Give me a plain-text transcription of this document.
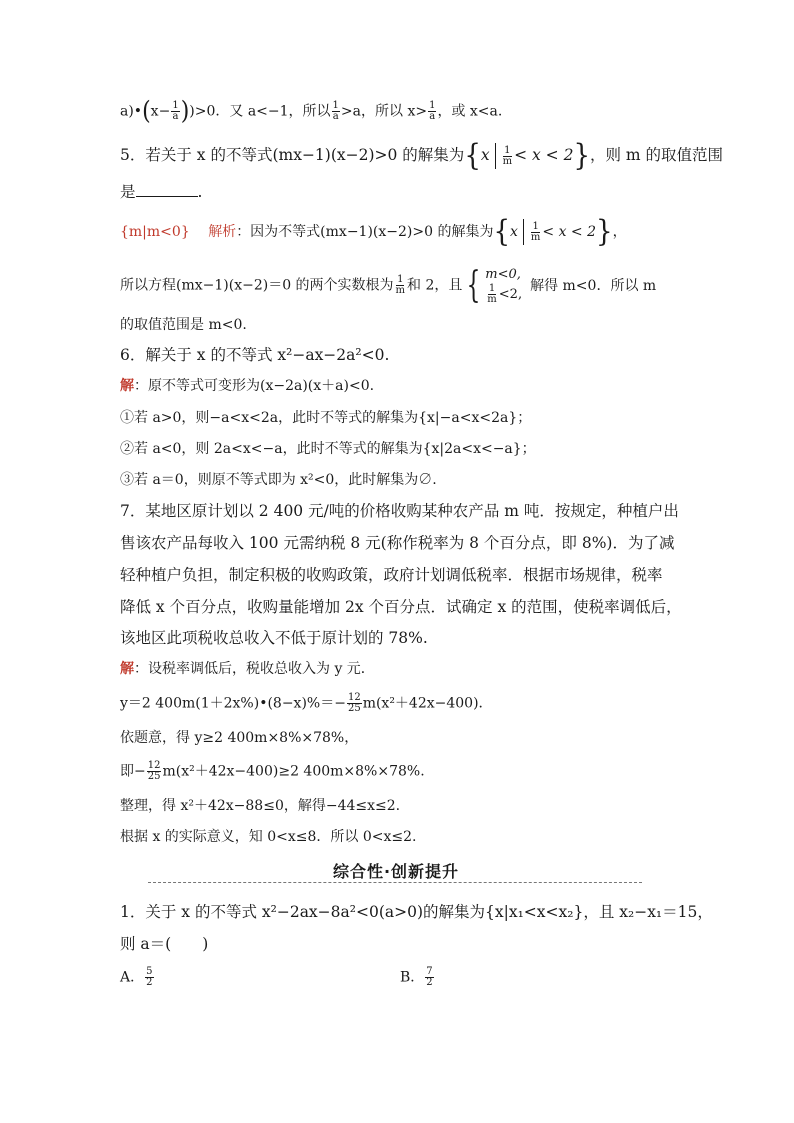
a)•(x− $\frac{1}{a} ))>0$．又 a<−1，所以 $\frac{1}{a} >a$，所以 $x> \frac{1}{a}$ ，或 x<a.
5．若关于 x 的不等式(mx−1)(x−2)>0 的解集为$\{x \frac{1}{m} < x < 2\}$，则 m 的取值范围
是	.
{m|m<0} 解析：因为不等式(mx−1)(x−2)>0 的解集为$\{x \frac{1}{m} < x < 2\}$，
所以方程(mx−1)(x−2)＝0 的两个实数根为 $\frac{1}{m}$ 和 2，且 { m<0,
$\frac{1}{m} <2$,
解得 m<0．所以 m
的取值范围是 m<0.
6．解关于 x 的不等式 x²−ax−2a²<0.
解：原不等式可变形为(x−2a)(x＋a)<0.
①若 a>0，则−a<x<2a，此时不等式的解集为{x|−a<x<2a}；
②若 a<0，则 2a<x<−a，此时不等式的解集为{x|2a<x<−a}；
③若 a＝0，则原不等式即为 x²<0，此时解集为∅.
7．某地区原计划以 2 400 元/吨的价格收购某种农产品 m 吨．按规定，种植户出
售该农产品每收入 100 元需纳税 8 元(称作税率为 8 个百分点，即 8%)．为了减
轻种植户负担，制定积极的收购政策，政府计划调低税率．根据市场规律，税率
降低 x 个百分点，收购量能增加 2x 个百分点．试确定 x 的范围，使税率调低后，
该地区此项税收总收入不低于原计划的 78%.
解：设税率调低后，税收总收入为 y 元．
y＝2 400m(1＋2x%)•(8−x)%＝− $\frac{12}{25} m(x^2+42x-400)$．
依题意，得 y≥2 400m×8%×78%，
即− $\frac{12}{25} m(x^2+42x-400)\ge 2$ 400m×8%×78%.
整理，得 x²＋42x−88≤0，解得−44≤x≤2.
根据 x 的实际意义，知 0<x≤8．所以 0<x≤2.
综合性·创新提升
1．关于 x 的不等式 x²−2ax−8a²<0(a>0)的解集为{x|x₁<x<x₂}，且 x₂−x₁＝15，
则 a＝(　　)
A． $\frac{5}{2}$	B． $\frac{7}{2}$
